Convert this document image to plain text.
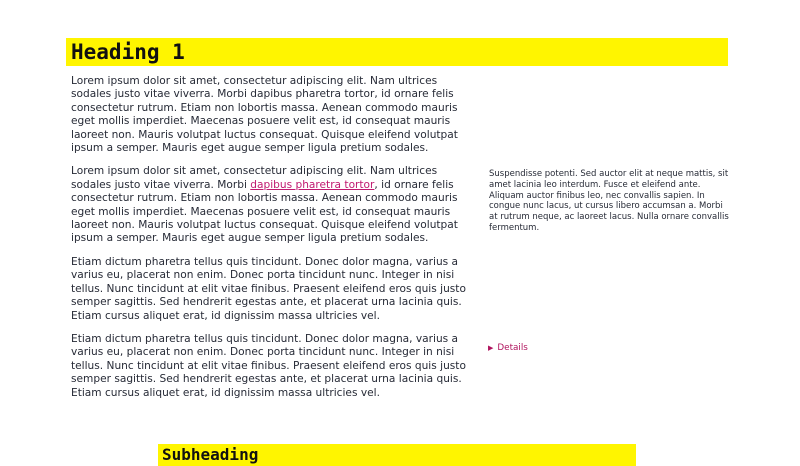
Heading 1

Lorem ipsum dolor sit amet, consectetur adipiscing elit. Nam ultrices sodales justo vitae viverra. Morbi dapibus pharetra tortor, id ornare felis consectetur rutrum. Etiam non lobortis massa. Aenean commodo mauris eget mollis imperdiet. Maecenas posuere velit est, id consequat mauris laoreet non. Mauris volutpat luctus consequat. Quisque eleifend volutpat ipsum a semper. Mauris eget augue semper ligula pretium sodales.

Lorem ipsum dolor sit amet, consectetur adipiscing elit. Nam ultrices sodales justo vitae viverra. Morbi dapibus pharetra tortor, id ornare felis consectetur rutrum. Etiam non lobortis massa. Aenean commodo mauris eget mollis imperdiet. Maecenas posuere velit est, id consequat mauris laoreet non. Mauris volutpat luctus consequat. Quisque eleifend volutpat ipsum a semper. Mauris eget augue semper ligula pretium sodales.

Etiam dictum pharetra tellus quis tincidunt. Donec dolor magna, varius a varius eu, placerat non enim. Donec porta tincidunt nunc. Integer in nisi tellus. Nunc tincidunt at elit vitae finibus. Praesent eleifend eros quis justo semper sagittis. Sed hendrerit egestas ante, et placerat urna lacinia quis. Etiam cursus aliquet erat, id dignissim massa ultricies vel.

Etiam dictum pharetra tellus quis tincidunt. Donec dolor magna, varius a varius eu, placerat non enim. Donec porta tincidunt nunc. Integer in nisi tellus. Nunc tincidunt at elit vitae finibus. Praesent eleifend eros quis justo semper sagittis. Sed hendrerit egestas ante, et placerat urna lacinia quis. Etiam cursus aliquet erat, id dignissim massa ultricies vel.

Suspendisse potenti. Sed auctor elit at neque mattis, sit amet lacinia leo interdum. Fusce et eleifend ante. Aliquam auctor finibus leo, nec convallis sapien. In congue nunc lacus, ut cursus libero accumsan a. Morbi at rutrum neque, ac laoreet lacus. Nulla ornare convallis fermentum.

▶ Details
Subheading
